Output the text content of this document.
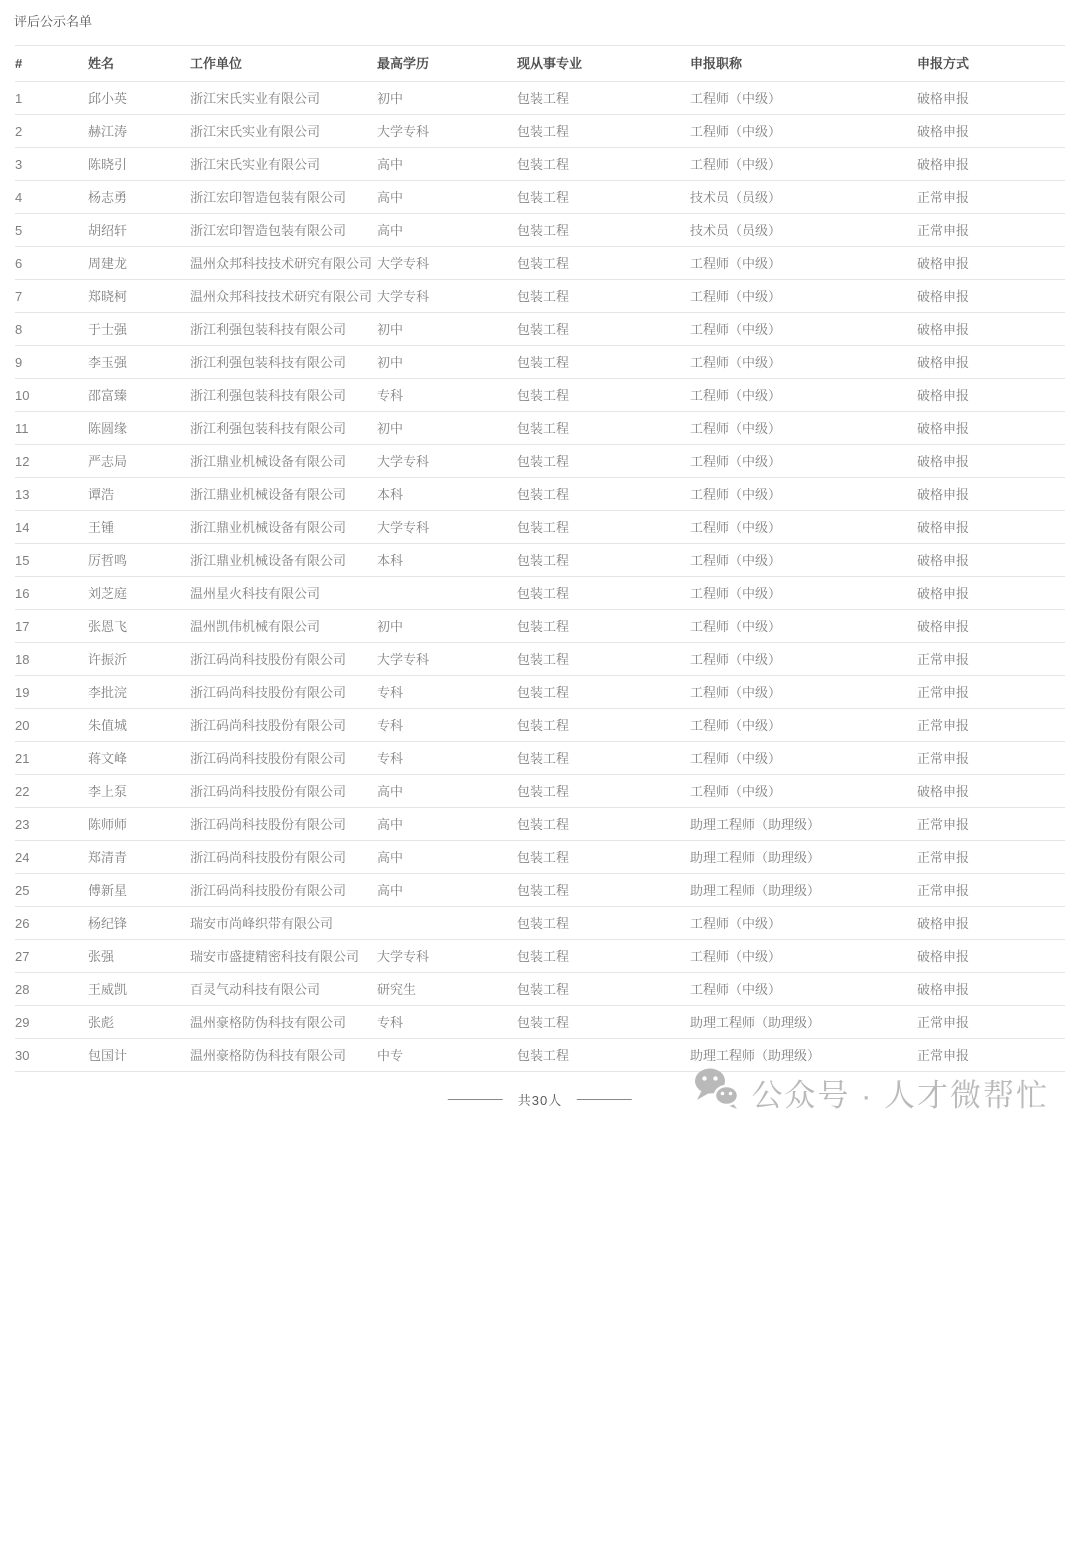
评后公示名单
#	姓名	工作单位	最高学历	现从事专业	申报职称	申报方式
1	邱小英	浙江宋氏实业有限公司	初中	包装工程	工程师（中级）	破格申报
2	赫江涛	浙江宋氏实业有限公司	大学专科	包装工程	工程师（中级）	破格申报
3	陈晓引	浙江宋氏实业有限公司	高中	包装工程	工程师（中级）	破格申报
4	杨志勇	浙江宏印智造包装有限公司	高中	包装工程	技术员（员级）	正常申报
5	胡绍轩	浙江宏印智造包装有限公司	高中	包装工程	技术员（员级）	正常申报
6	周建龙	温州众邦科技技术研究有限公司	大学专科	包装工程	工程师（中级）	破格申报
7	郑晓柯	温州众邦科技技术研究有限公司	大学专科	包装工程	工程师（中级）	破格申报
8	于士强	浙江利强包装科技有限公司	初中	包装工程	工程师（中级）	破格申报
9	李玉强	浙江利强包装科技有限公司	初中	包装工程	工程师（中级）	破格申报
10	邵富臻	浙江利强包装科技有限公司	专科	包装工程	工程师（中级）	破格申报
11	陈圆缘	浙江利强包装科技有限公司	初中	包装工程	工程师（中级）	破格申报
12	严志局	浙江鼎业机械设备有限公司	大学专科	包装工程	工程师（中级）	破格申报
13	谭浩	浙江鼎业机械设备有限公司	本科	包装工程	工程师（中级）	破格申报
14	王锺	浙江鼎业机械设备有限公司	大学专科	包装工程	工程师（中级）	破格申报
15	厉哲鸣	浙江鼎业机械设备有限公司	本科	包装工程	工程师（中级）	破格申报
16	刘芝庭	温州星火科技有限公司		包装工程	工程师（中级）	破格申报
17	张恩飞	温州凯伟机械有限公司	初中	包装工程	工程师（中级）	破格申报
18	许振沂	浙江码尚科技股份有限公司	大学专科	包装工程	工程师（中级）	正常申报
19	李批浣	浙江码尚科技股份有限公司	专科	包装工程	工程师（中级）	正常申报
20	朱值城	浙江码尚科技股份有限公司	专科	包装工程	工程师（中级）	正常申报
21	蒋文峰	浙江码尚科技股份有限公司	专科	包装工程	工程师（中级）	正常申报
22	李上泵	浙江码尚科技股份有限公司	高中	包装工程	工程师（中级）	破格申报
23	陈师师	浙江码尚科技股份有限公司	高中	包装工程	助理工程师（助理级）	正常申报
24	郑清青	浙江码尚科技股份有限公司	高中	包装工程	助理工程师（助理级）	正常申报
25	傅新星	浙江码尚科技股份有限公司	高中	包装工程	助理工程师（助理级）	正常申报
26	杨纪锋	瑞安市尚峰织带有限公司		包装工程	工程师（中级）	破格申报
27	张强	瑞安市盛捷精密科技有限公司	大学专科	包装工程	工程师（中级）	破格申报
28	王威凯	百灵气动科技有限公司	研究生	包装工程	工程师（中级）	破格申报
29	张彪	温州豪格防伪科技有限公司	专科	包装工程	助理工程师（助理级）	正常申报
30	包国计	温州豪格防伪科技有限公司	中专	包装工程	助理工程师（助理级）	正常申报
共30人	公众号 · 人才微帮忙
